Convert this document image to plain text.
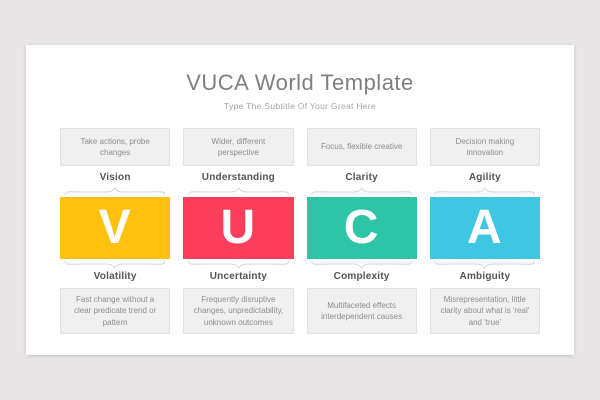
VUCA World Template
Type The Subtitle Of Your Great Here
Take actions, probe changes
Vision
V
Volatility
Fast change without a clear predicate trend or pattern
Wider, different perspective
Understanding
U
Uncertainty
Frequently disruptive changes, unpredictability, unknown outcomes
Focus, flexible creative
Clarity
C
Complexity
Multifaceted effects interdependent causes
Decision making innovation
Agility
A
Ambiguity
Misrepresentation, little clarity about what is 'real' and 'true'
